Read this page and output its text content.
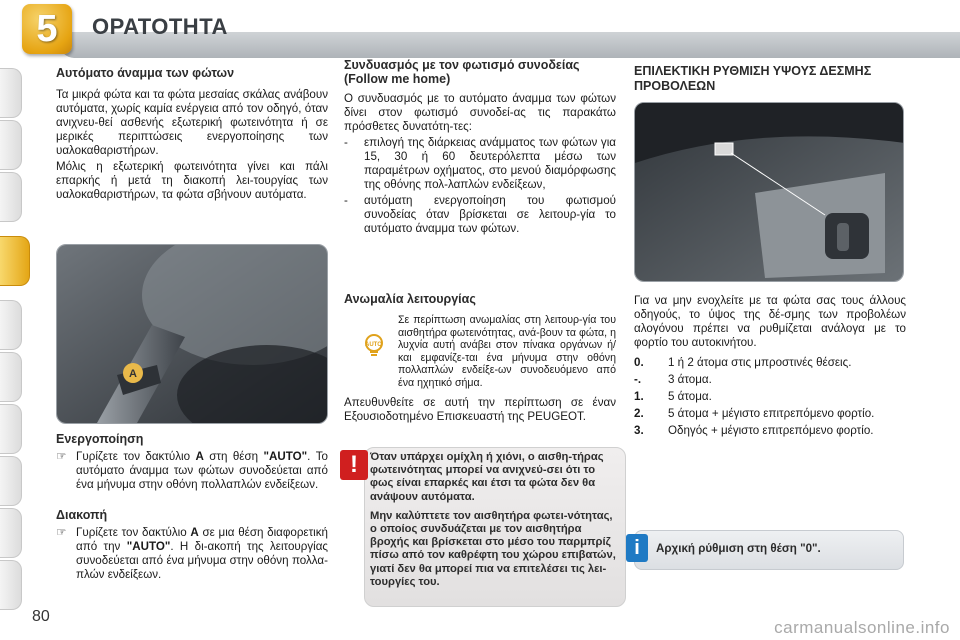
5	ΟΡΑΤΟΤΗΤΑ
Αυτόματο άναμμα των φώτων
Τα μικρά φώτα και τα φώτα μεσαίας σκάλας ανάβουν αυτόματα, χωρίς καμία ενέργεια από τον οδηγό, όταν ανιχνευ-θεί ασθενής εξωτερική φωτεινότητα ή σε μερικές περιπτώσεις ενεργοποίησης των υαλοκαθαριστήρων.
Μόλις η εξωτερική φωτεινότητα γίνει και πάλι επαρκής ή μετά τη διακοπή λει-τουργίας των υαλοκαθαριστήρων, τα φώτα σβήνουν αυτόματα.
A
Ενεργοποίηση
☞ Γυρίζετε τον δακτύλιο A στη θέση "AUTO". Το αυτόματο άναμμα των φώτων συνοδεύεται από ένα μήνυμα στην οθόνη πολλαπλών ενδείξεων.
Διακοπή
☞ Γυρίζετε τον δακτύλιο A σε μια θέση διαφορετική από την "AUTO". Η δι-ακοπή της λειτουργίας συνοδεύεται από ένα μήνυμα στην οθόνη πολλα-πλών ενδείξεων.
Συνδυασμός με τον φωτισμό συνοδείας (Follow me home)
Ο συνδυασμός με το αυτόματο άναμμα των φώτων δίνει στον φωτισμό συνοδεί-ας τις παρακάτω πρόσθετες δυνατότη-τες:
-	επιλογή της διάρκειας ανάμματος των φώτων για 15, 30 ή 60 δευτερόλεπτα μέσω των παραμέτρων οχήματος, στο μενού διαμόρφωσης της οθόνης πολ-λαπλών ενδείξεων,
-	αυτόματη ενεργοποίηση του φωτισμού συνοδείας όταν βρίσκεται σε λειτουρ-γία το αυτόματο άναμμα των φώτων.
Ανωμαλία λειτουργίας
AUTO
Σε περίπτωση ανωμαλίας στη λειτουρ-γία του αισθητήρα φωτεινότητας, ανά-βουν τα φώτα, η λυχνία αυτή ανάβει στον πίνακα οργάνων ή/και εμφανίζε-ται ένα μήνυμα στην οθόνη πολλαπλών ενδείξε-ων συνοδευόμενο από ένα ηχητικό σήμα.
Απευθυνθείτε σε αυτή την περίπτωση σε έναν Εξουσιοδοτημένο Επισκευαστή της PEUGEOT.
!	Όταν υπάρχει ομίχλη ή χιόνι, ο αισθη-τήρας φωτεινότητας μπορεί να ανιχνεύ-σει ότι το φως είναι επαρκές και έτσι τα φώτα δεν θα ανάψουν αυτόματα.
Μην καλύπτετε τον αισθητήρα φωτει-νότητας, ο οποίος συνδυάζεται με τον αισθητήρα βροχής και βρίσκεται στο μέσο του παρμπρίζ πίσω από τον καθρέφτη του χώρου επιβατών, γιατί δεν θα μπορεί πια να επιτελέσει τις λει-τουργίες του.
ΕΠΙΛΕΚΤΙΚΗ ΡΥΘΜΙΣΗ ΥΨΟΥΣ ΔΕΣΜΗΣ ΠΡΟΒΟΛΕΩΝ
Για να μην ενοχλείτε με τα φώτα σας τους άλλους οδηγούς, το ύψος της δέ-σμης των προβολέων αλογόνου πρέπει να ρυθμίζεται ανάλογα με το φορτίο του αυτοκινήτου.
0.	1 ή 2 άτομα στις μπροστινές θέσεις.
-.	3 άτομα.
1.	5 άτομα.
2.	5 άτομα + μέγιστο επιτρεπόμενο φορτίο.
3.	Οδηγός + μέγιστο επιτρεπόμενο φορτίο.
i	Αρχική ρύθμιση στη θέση "0".
80
carmanualsonline.info
